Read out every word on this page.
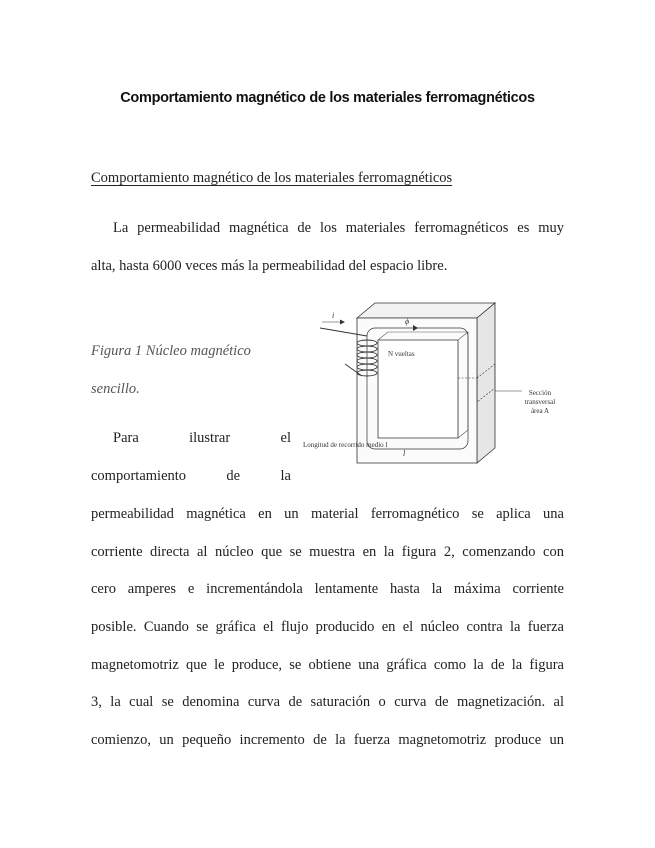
Comportamiento magnético de los materiales ferromagnéticos
Comportamiento magnético de los materiales ferromagnéticos
La permeabilidad magnética de los materiales ferromagnéticos es muy
alta, hasta 6000 veces más la permeabilidad del espacio libre.
Figura 1 Núcleo magnético
sencillo.
i
ϕ
N vueltas
Sección
transversal
área A
l
Longitud de recorrido medio l
Para ilustrar el
comportamiento de la
permeabilidad magnética en un material ferromagnético se aplica una
corriente directa al núcleo que se muestra en la figura 2, comenzando con
cero amperes e incrementándola lentamente hasta la máxima corriente
posible. Cuando se gráfica el flujo producido en el núcleo contra la fuerza
magnetomotriz que le produce, se obtiene una gráfica como la de la figura
3, la cual se denomina curva de saturación o curva de magnetización. al
comienzo, un pequeño incremento de la fuerza magnetomotriz produce un
